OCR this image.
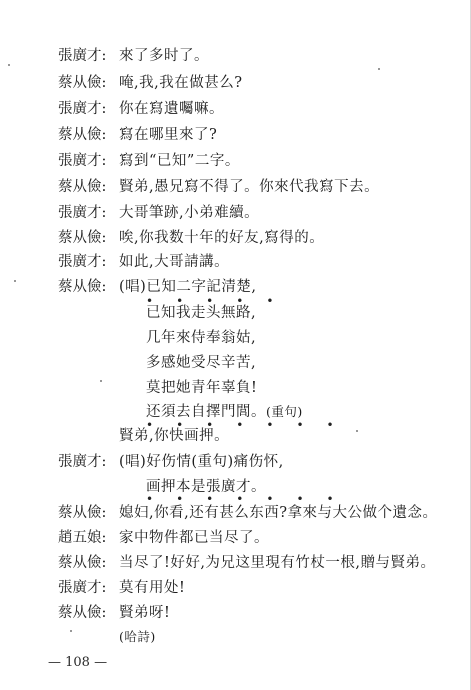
張廣才: 來了多时了。
蔡从儉: 唵,我,我在做甚么?
張廣才: 你在寫遺囑嘛。
蔡从儉: 寫在哪里來了?
張廣才: 寫到“已知”二字。
蔡从儉: 賢弟,愚兄寫不得了。你來代我寫下去。
張廣才: 大哥筆跡,小弟难續。
蔡从儉: 唉,你我数十年的好友,寫得的。
張廣才: 如此,大哥請講。
蔡从儉: (唱)已知二字記清楚,
• • • • •
已知我走头無路,
几年來侍奉翁姑,
多感她受尽辛苦,
莫把她青年辜負!
还須去自擇門閭。(重句)
• • • • • • •
賢弟,你快画押。
張廣才: (唱)好伤情(重句)痛伤怀,
画押本是張廣才。
• • • • • • •
蔡从儉: 媳妇,你看,还有甚么东西?拿來与大公做个遺念。
趙五娘: 家中物件都已当尽了。
蔡从儉: 当尽了!好好,为兄这里現有竹杖一根,贈与賢弟。
張廣才: 莫有用处!
蔡从儉: 賢弟呀!
(哈詩)
— 108 —
